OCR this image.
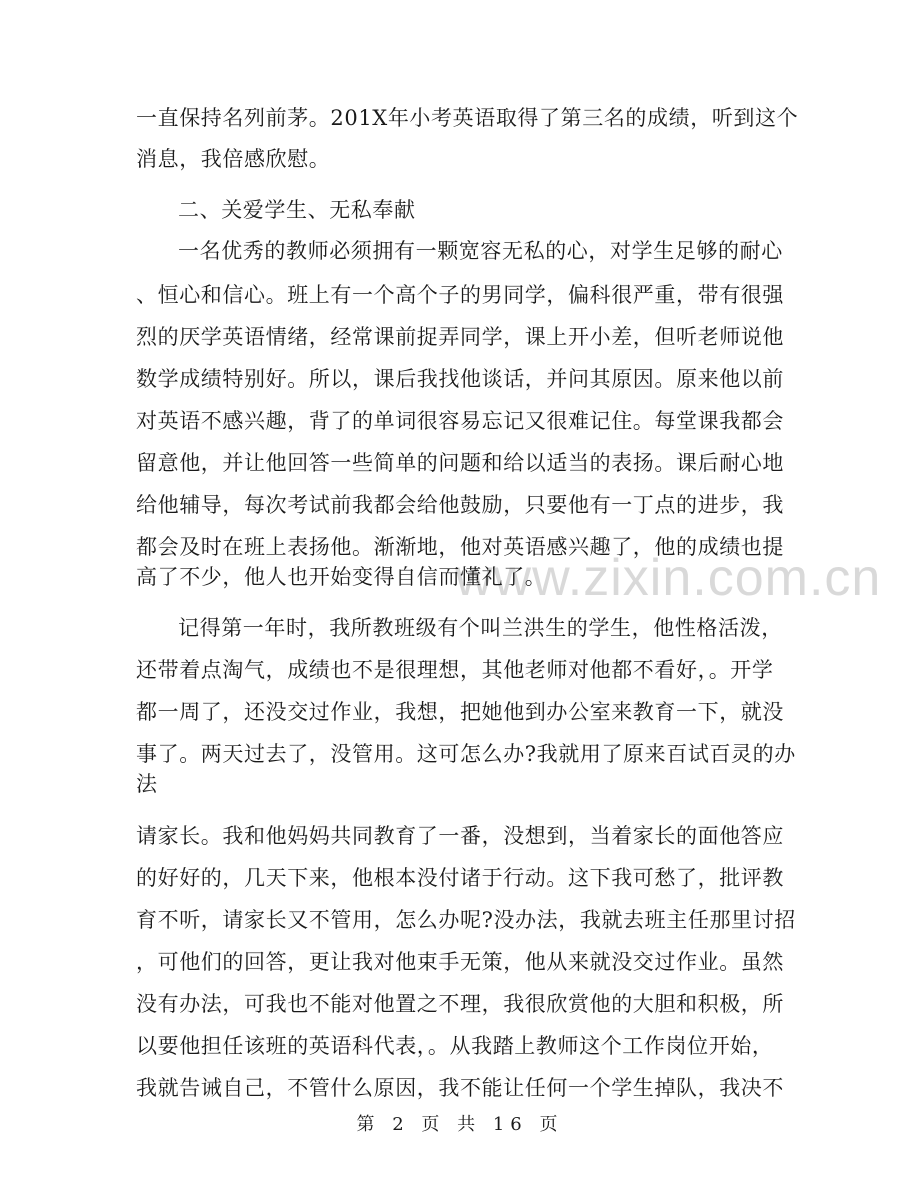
www.zixin.com.cn
一直保持名列前茅。201X年小考英语取得了第三名的成绩，听到这个
消息，我倍感欣慰。
二、关爱学生、无私奉献
一名优秀的教师必须拥有一颗宽容无私的心，对学生足够的耐心
、恒心和信心。班上有一个高个子的男同学，偏科很严重，带有很强
烈的厌学英语情绪，经常课前捉弄同学，课上开小差，但听老师说他
数学成绩特别好。所以，课后我找他谈话，并问其原因。原来他以前
对英语不感兴趣，背了的单词很容易忘记又很难记住。每堂课我都会
留意他，并让他回答一些简单的问题和给以适当的表扬。课后耐心地
给他辅导，每次考试前我都会给他鼓励，只要他有一丁点的进步，我
都会及时在班上表扬他。渐渐地，他对英语感兴趣了，他的成绩也提
高了不少，他人也开始变得自信而懂礼了。
记得第一年时，我所教班级有个叫兰洪生的学生，他性格活泼，
还带着点淘气，成绩也不是很理想，其他老师对他都不看好，。开学
都一周了，还没交过作业，我想，把她他到办公室来教育一下，就没
事了。两天过去了，没管用。这可怎么办?我就用了原来百试百灵的办
法
请家长。我和他妈妈共同教育了一番，没想到，当着家长的面他答应
的好好的，几天下来，他根本没付诸于行动。这下我可愁了，批评教
育不听，请家长又不管用，怎么办呢?没办法，我就去班主任那里讨招
，可他们的回答，更让我对他束手无策，他从来就没交过作业。虽然
没有办法，可我也不能对他置之不理，我很欣赏他的大胆和积极，所
以要他担任该班的英语科代表，。从我踏上教师这个工作岗位开始，
我就告诫自己，不管什么原因，我不能让任何一个学生掉队，我决不
第 2 页 共 16 页
